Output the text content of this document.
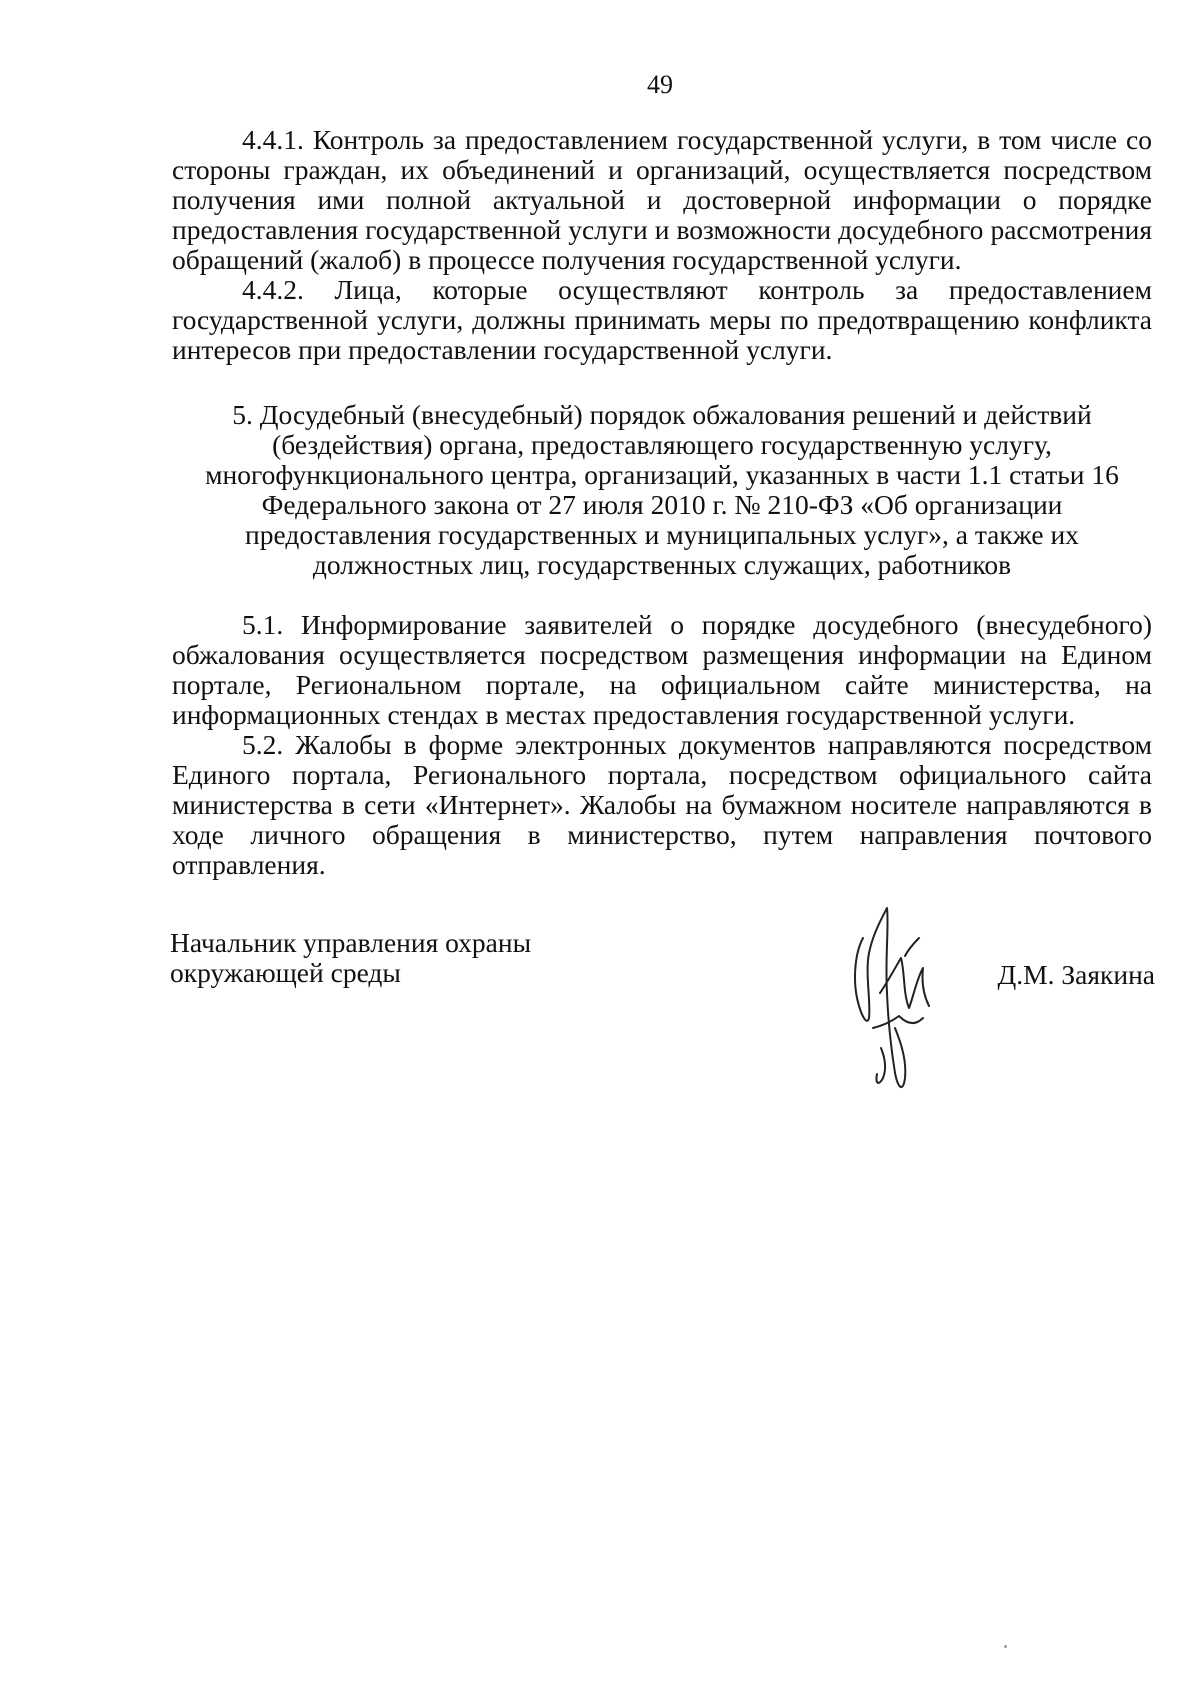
49

4.4.1. Контроль за предоставлением государственной услуги, в том числе со стороны граждан, их объединений и организаций, осуществляется посредством получения ими полной актуальной и достоверной информации о порядке предоставления государственной услуги и возможности досудебного рассмотрения обращений (жалоб) в процессе получения государственной услуги.

4.4.2. Лица, которые осуществляют контроль за предоставлением государственной услуги, должны принимать меры по предотвращению конфликта интересов при предоставлении государственной услуги.

5. Досудебный (внесудебный) порядок обжалования решений и действий
(бездействия) органа, предоставляющего государственную услугу,
многофункционального центра, организаций, указанных в части 1.1 статьи 16
Федерального закона от 27 июля 2010 г. № 210-ФЗ «Об организации
предоставления государственных и муниципальных услуг», а также их
должностных лиц, государственных служащих, работников

5.1. Информирование заявителей о порядке досудебного (внесудебного) обжалования осуществляется посредством размещения информации на Едином портале, Региональном портале, на официальном сайте министерства, на информационных стендах в местах предоставления государственной услуги.

5.2. Жалобы в форме электронных документов направляются посредством Единого портала, Регионального портала, посредством официального сайта министерства в сети «Интернет». Жалобы на бумажном носителе направляются в ходе личного обращения в министерство, путем направления почтового отправления.

Начальник управления охраны
окружающей среды	Д.М. Заякина
